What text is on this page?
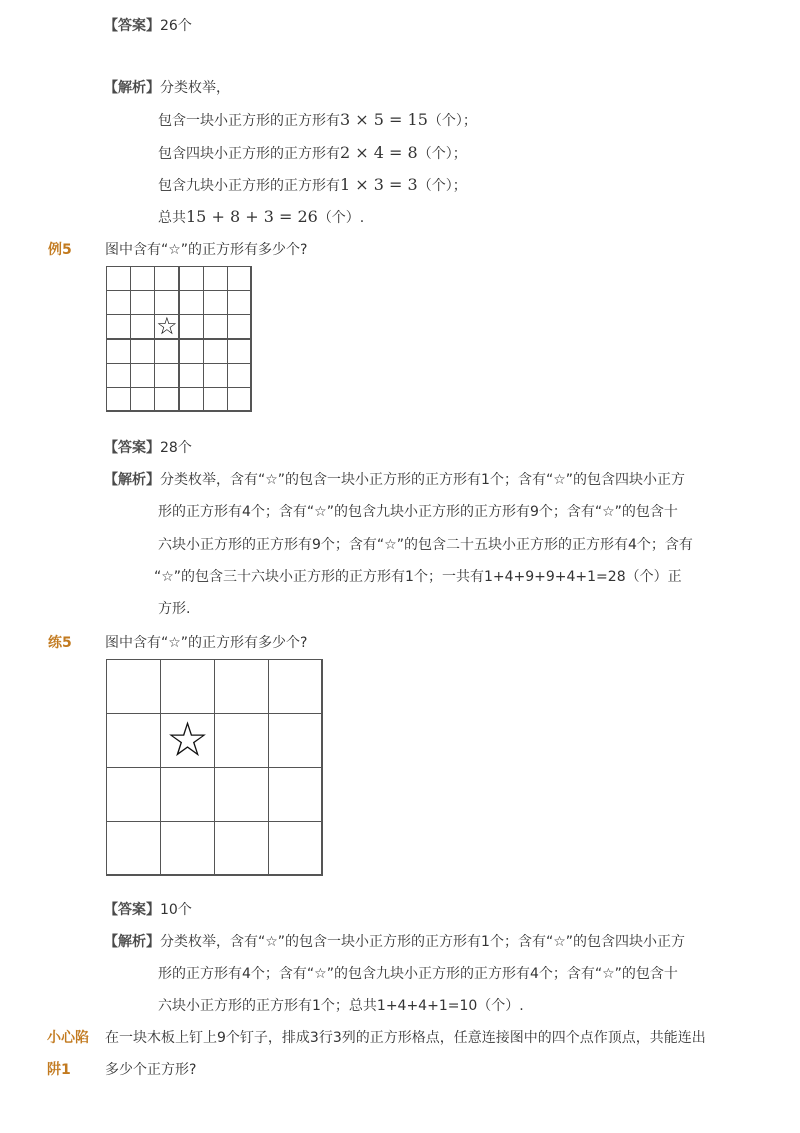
【答案】26个
【解析】分类枚举，
包含一块小正方形的正方形有3 × 5 = 15（个）；
包含四块小正方形的正方形有2 × 4 = 8（个）；
包含九块小正方形的正方形有1 × 3 = 3（个）；
总共15 + 8 + 3 = 26（个）.
例5 图中含有“☆”的正方形有多少个?
☆
【答案】28个
【解析】分类枚举，含有“☆”的包含一块小正方形的正方形有1个；含有“☆”的包含四块小正方
形的正方形有4个；含有“☆”的包含九块小正方形的正方形有9个；含有“☆”的包含十
六块小正方形的正方形有9个；含有“☆”的包含二十五块小正方形的正方形有4个；含有
“☆”的包含三十六块小正方形的正方形有1个；一共有1+4+9+9+4+1=28（个）正
方形.
练5 图中含有“☆”的正方形有多少个?
☆
【答案】10个
【解析】分类枚举，含有“☆”的包含一块小正方形的正方形有1个；含有“☆”的包含四块小正方
形的正方形有4个；含有“☆”的包含九块小正方形的正方形有4个；含有“☆”的包含十
六块小正方形的正方形有1个；总共1+4+4+1=10（个）.
小心陷
阱1
在一块木板上钉上9个钉子，排成3行3列的正方形格点，任意连接图中的四个点作顶点，共能连出
多少个正方形?
